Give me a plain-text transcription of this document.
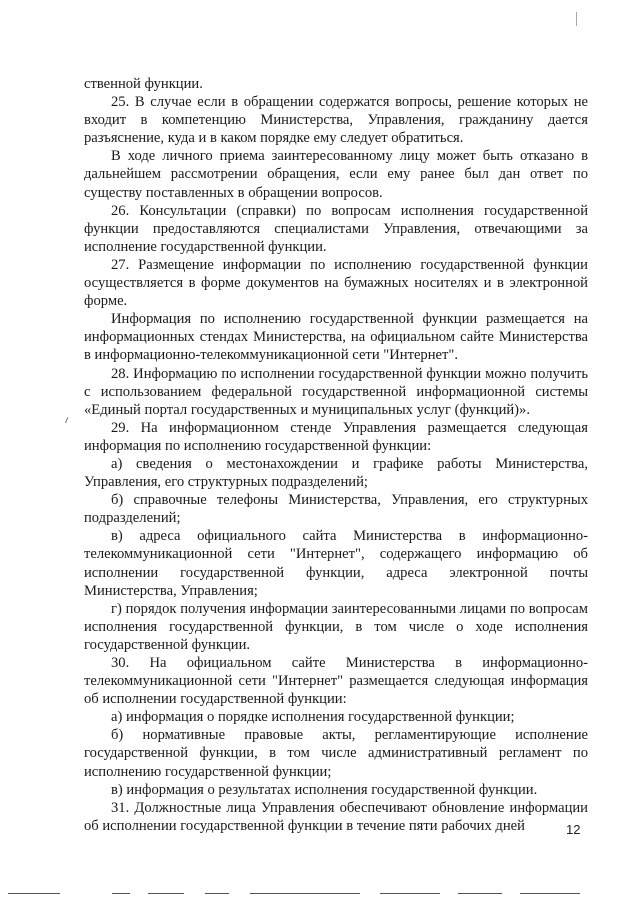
ственной функции.

25. В случае если в обращении содержатся вопросы, решение которых не входит в компетенцию Министерства, Управления, гражданину дается разъяснение, куда и в каком порядке ему следует обратиться.

В ходе личного приема заинтересованному лицу может быть отказано в дальнейшем рассмотрении обращения, если ему ранее был дан ответ по существу поставленных в обращении вопросов.

26. Консультации (справки) по вопросам исполнения государственной функции предоставляются специалистами Управления, отвечающими за исполнение государственной функции.

27. Размещение информации по исполнению государственной функции осуществляется в форме документов на бумажных носителях и в электронной форме.

Информация по исполнению государственной функции размещается на информационных стендах Министерства, на официальном сайте Министерства в информационно-телекоммуникационной сети "Интернет".

28. Информацию по исполнении государственной функции можно получить с использованием федеральной государственной информационной системы «Единый портал государственных и муниципальных услуг (функций)».

29. На информационном стенде Управления размещается следующая информация по исполнению государственной функции:

а) сведения о местонахождении и графике работы Министерства, Управления, его структурных подразделений;

б) справочные телефоны Министерства, Управления, его структурных подразделений;

в) адреса официального сайта Министерства в информационно-телекоммуникационной сети "Интернет", содержащего информацию об исполнении государственной функции, адреса электронной почты Министерства, Управления;

г) порядок получения информации заинтересованными лицами по вопросам исполнения государственной функции, в том числе о ходе исполнения государственной функции.

30. На официальном сайте Министерства в информационно-телекоммуникационной сети "Интернет" размещается следующая информация об исполнении государственной функции:

а) информация о порядке исполнения государственной функции;

б) нормативные правовые акты, регламентирующие исполнение государственной функции, в том числе административный регламент по исполнению государственной функции;

в) информация о результатах исполнения государственной функции.

31. Должностные лица Управления обеспечивают обновление информации об исполнении государственной функции в течение пяти рабочих дней	12
